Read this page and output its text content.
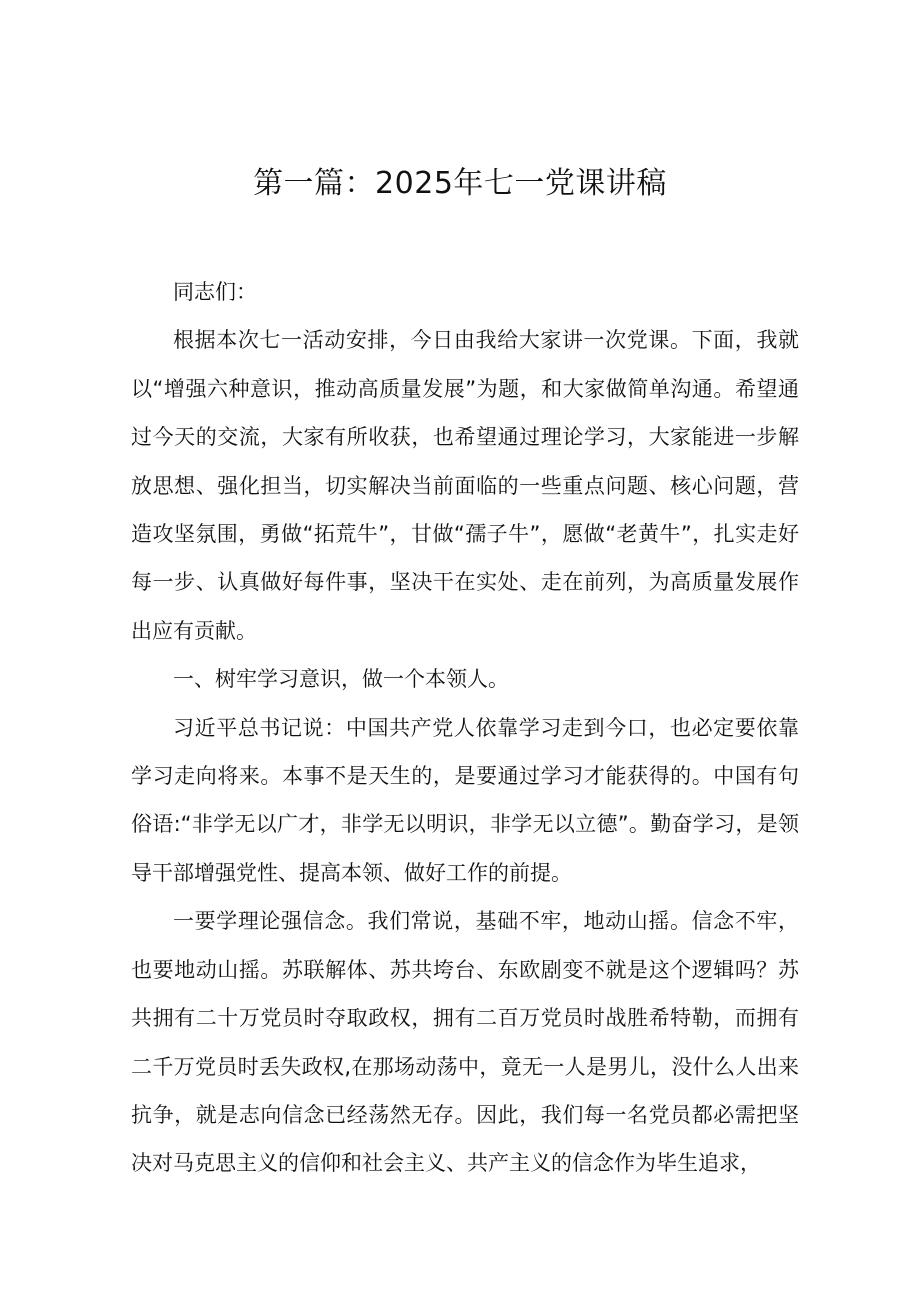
第一篇：2025年七一党课讲稿

同志们：

根据本次七一活动安排，今日由我给大家讲一次党课。下面，我就以“增强六种意识，推动高质量发展”为题，和大家做简单沟通。希望通过今天的交流，大家有所收获，也希望通过理论学习，大家能进一步解放思想、强化担当，切实解决当前面临的一些重点问题、核心问题，营造攻坚氛围，勇做“拓荒牛”，甘做“孺子牛”，愿做“老黄牛”，扎实走好每一步、认真做好每件事，坚决干在实处、走在前列，为高质量发展作出应有贡献。

一、树牢学习意识，做一个本领人。

习近平总书记说：中国共产党人依靠学习走到今口，也必定要依靠学习走向将来。本事不是天生的，是要通过学习才能获得的。中国有句俗语:“非学无以广才，非学无以明识，非学无以立德”。勤奋学习，是领导干部增强党性、提高本领、做好工作的前提。

一要学理论强信念。我们常说，基础不牢，地动山摇。信念不牢，也要地动山摇。苏联解体、苏共垮台、东欧剧变不就是这个逻辑吗？苏共拥有二十万党员时夺取政权，拥有二百万党员时战胜希特勒，而拥有二千万党员时丢失政权,在那场动荡中，竟无一人是男儿，没什么人出来抗争，就是志向信念已经荡然无存。因此，我们每一名党员都必需把坚决对马克思主义的信仰和社会主义、共产主义的信念作为毕生追求，
